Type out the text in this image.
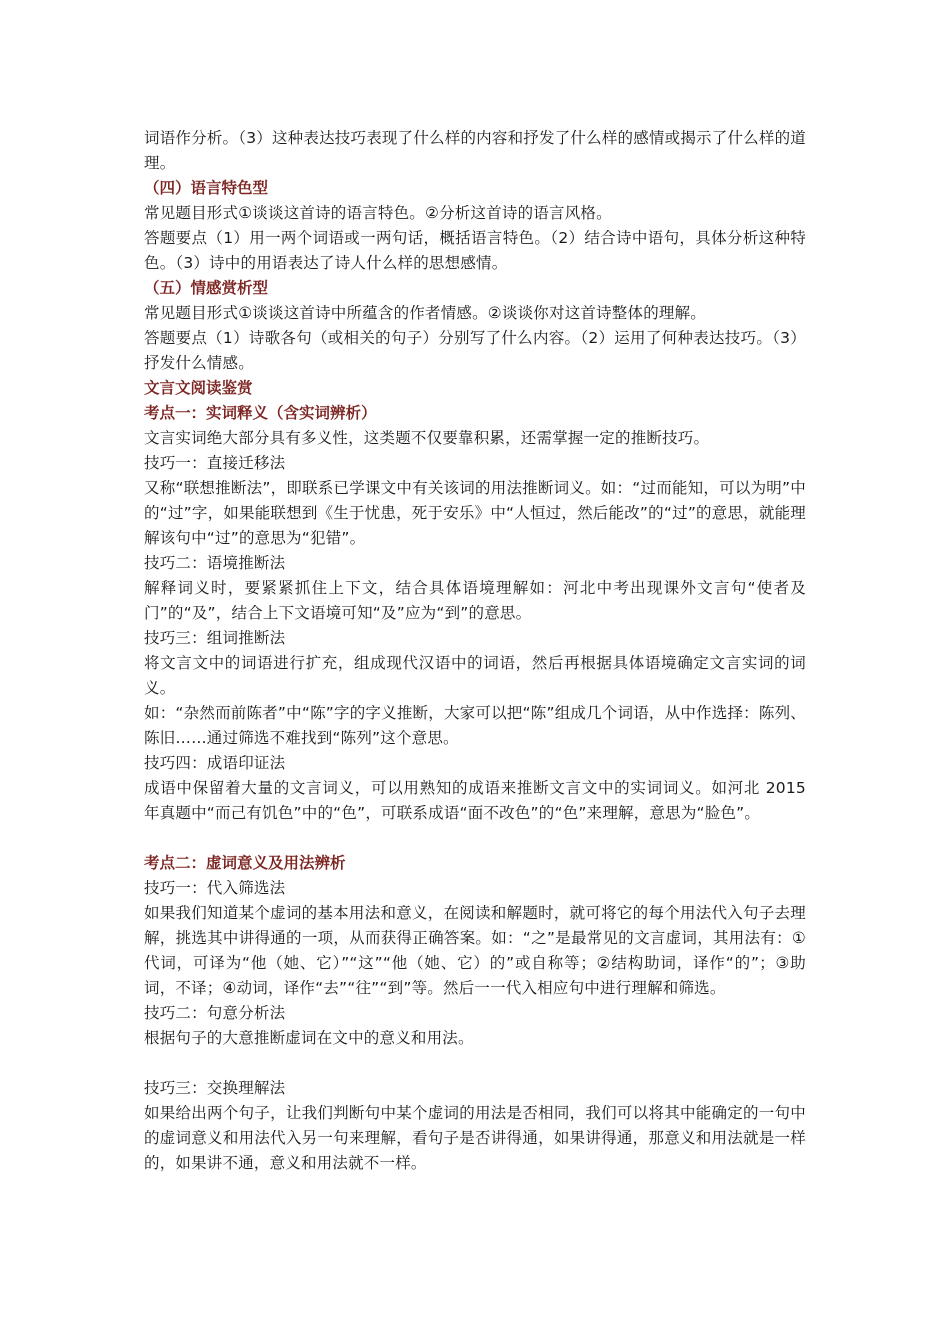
词语作分析。（3）这种表达技巧表现了什么样的内容和抒发了什么样的感情或揭示了什么样的道理。

（四）语言特色型

常见题目形式①谈谈这首诗的语言特色。②分析这首诗的语言风格。

答题要点（1）用一两个词语或一两句话，概括语言特色。（2）结合诗中语句，具体分析这种特色。（3）诗中的用语表达了诗人什么样的思想感情。

（五）情感赏析型

常见题目形式①谈谈这首诗中所蕴含的作者情感。②谈谈你对这首诗整体的理解。

答题要点（1）诗歌各句（或相关的句子）分别写了什么内容。（2）运用了何种表达技巧。（3）抒发什么情感。

文言文阅读鉴赏

考点一：实词释义（含实词辨析）

文言实词绝大部分具有多义性，这类题不仅要靠积累，还需掌握一定的推断技巧。

技巧一：直接迁移法

又称“联想推断法”，即联系已学课文中有关该词的用法推断词义。如：“过而能知，可以为明”中的“过”字，如果能联想到《生于忧患，死于安乐》中“人恒过，然后能改”的“过”的意思，就能理解该句中“过”的意思为“犯错”。

技巧二：语境推断法

解释词义时，要紧紧抓住上下文，结合具体语境理解如：河北中考出现课外文言句“使者及门”的“及”，结合上下文语境可知“及”应为“到”的意思。

技巧三：组词推断法

将文言文中的词语进行扩充，组成现代汉语中的词语，然后再根据具体语境确定文言实词的词义。

如：“杂然而前陈者”中“陈”字的字义推断，大家可以把“陈”组成几个词语，从中作选择：陈列、陈旧……通过筛选不难找到“陈列”这个意思。

技巧四：成语印证法

成语中保留着大量的文言词义，可以用熟知的成语来推断文言文中的实词词义。如河北 2015 年真题中“而己有饥色”中的“色”，可联系成语“面不改色”的“色”来理解，意思为“脸色”。

考点二：虚词意义及用法辨析

技巧一：代入筛选法

如果我们知道某个虚词的基本用法和意义，在阅读和解题时，就可将它的每个用法代入句子去理解，挑选其中讲得通的一项，从而获得正确答案。如：“之”是最常见的文言虚词，其用法有：①代词，可译为“他（她、它）”“这”“他（她、它）的”或自称等；②结构助词，译作“的”；③助词，不译；④动词，译作“去”“往”“到”等。然后一一代入相应句中进行理解和筛选。

技巧二：句意分析法

根据句子的大意推断虚词在文中的意义和用法。

技巧三：交换理解法

如果给出两个句子，让我们判断句中某个虚词的用法是否相同，我们可以将其中能确定的一句中的虚词意义和用法代入另一句来理解，看句子是否讲得通，如果讲得通，那意义和用法就是一样的，如果讲不通，意义和用法就不一样。
